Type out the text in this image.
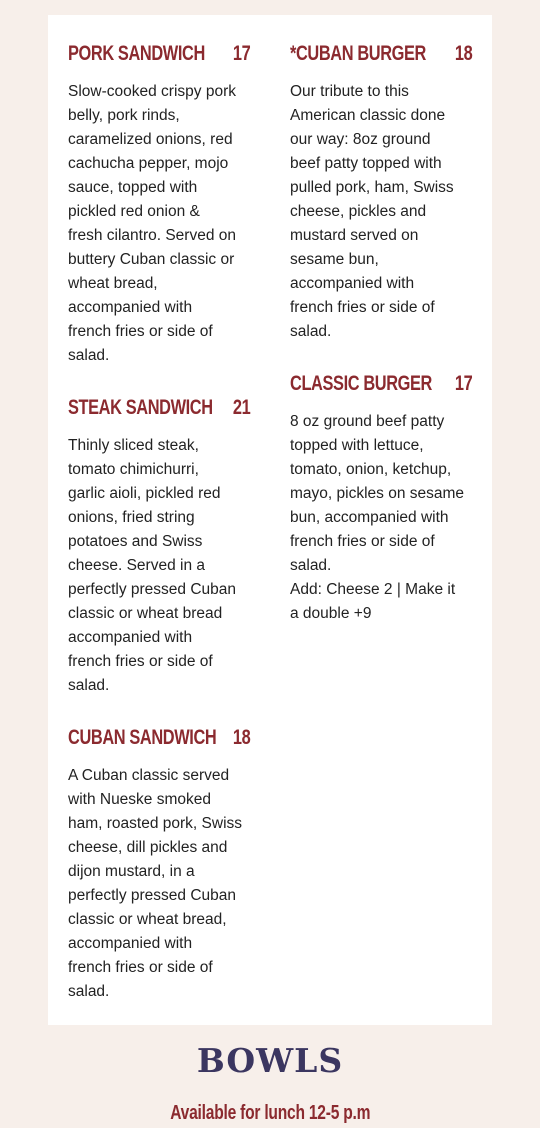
PORK SANDWICH 17

Slow-cooked crispy pork
belly, pork rinds,
caramelized onions, red
cachucha pepper, mojo
sauce, topped with
pickled red onion &
fresh cilantro. Served on
buttery Cuban classic or
wheat bread,
accompanied with
french fries or side of
salad.

STEAK SANDWICH 21

Thinly sliced steak,
tomato chimichurri,
garlic aioli, pickled red
onions, fried string
potatoes and Swiss
cheese. Served in a
perfectly pressed Cuban
classic or wheat bread
accompanied with
french fries or side of
salad.

CUBAN SANDWICH 18

A Cuban classic served
with Nueske smoked
ham, roasted pork, Swiss
cheese, dill pickles and
dijon mustard, in a
perfectly pressed Cuban
classic or wheat bread,
accompanied with
french fries or side of
salad.

*CUBAN BURGER 18

Our tribute to this
American classic done
our way: 8oz ground
beef patty topped with
pulled pork, ham, Swiss
cheese, pickles and
mustard served on
sesame bun,
accompanied with
french fries or side of
salad.

CLASSIC BURGER 17

8 oz ground beef patty
topped with lettuce,
tomato, onion, ketchup,
mayo, pickles on sesame
bun, accompanied with
french fries or side of
salad.
Add: Cheese 2 | Make it
a double +9

BOWLS
Available for lunch 12-5 p.m
